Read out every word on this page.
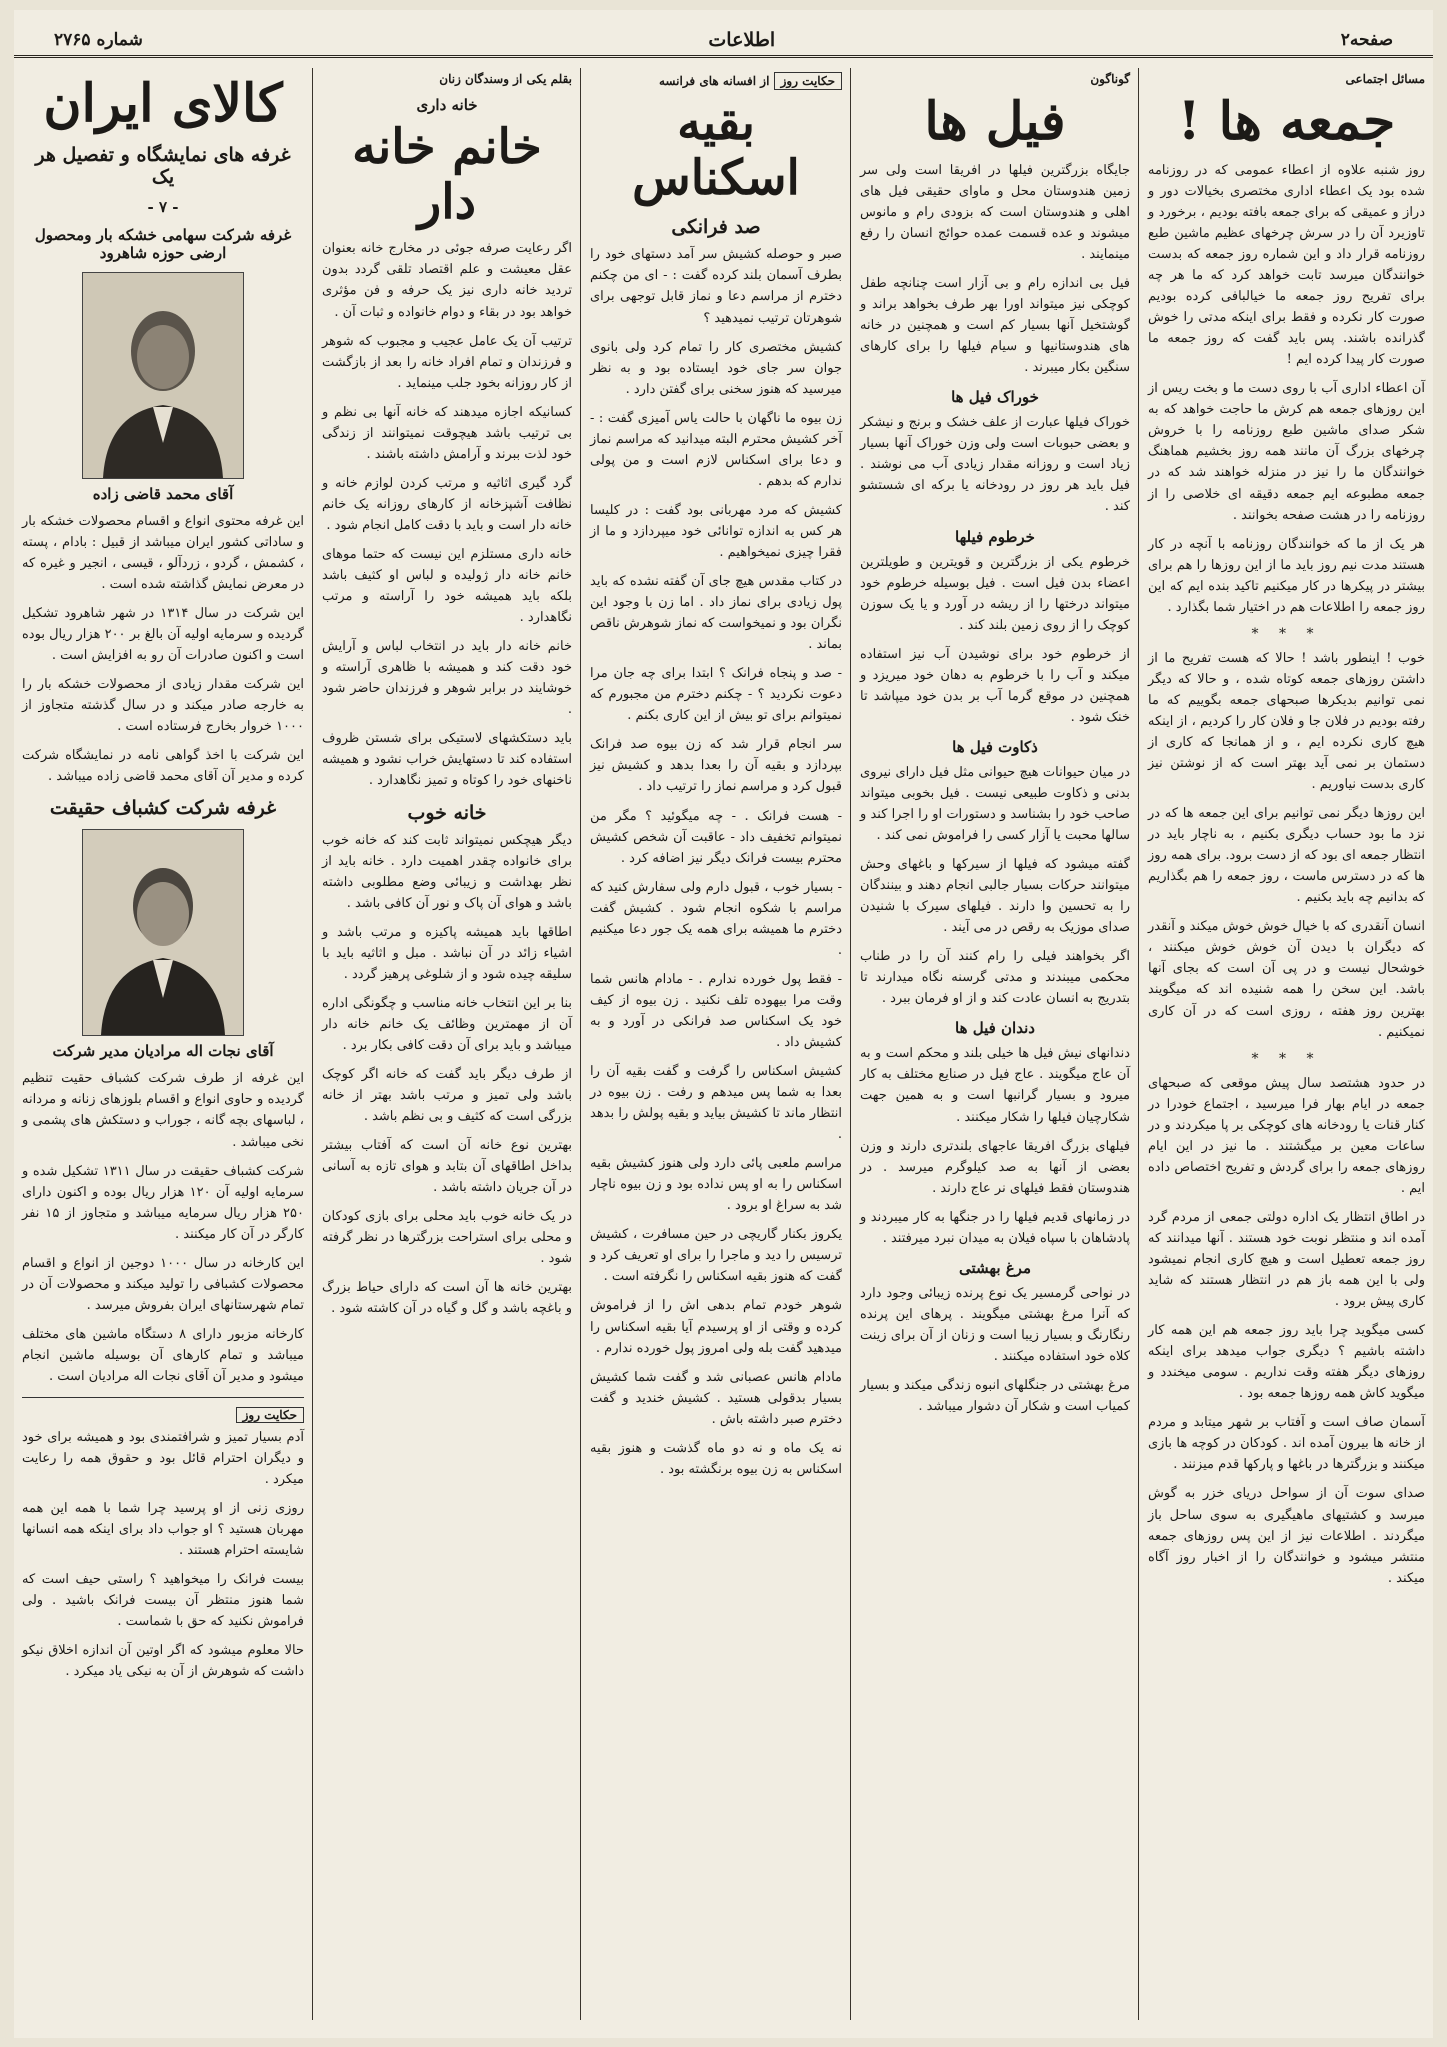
صفحه۲
اطلاعات
شماره ۲۷۶۵
مسائل اجتماعی
جمعه ها !

روز شنبه علاوه از اعطاء عمومی که در روزنامه شده بود یک اعطاء اداری مختصری بخیالات دور و دراز و عمیقی که برای جمعه بافته بودیم ، برخورد و تاوزیرد آن را در سرش چرخهای عظیم ماشین طبع روزنامه قرار داد و این شماره روز جمعه که بدست خوانندگان میرسد تابت خواهد کرد که ما هر چه برای تفریح روز جمعه ما خیالبافی کرده بودیم صورت کار نکرده و فقط برای اینکه مدتی را خوش گذرانده باشند. پس باید گفت که روز جمعه ما صورت کار پیدا کرده ایم !

آن اعطاء اداری آب با روی دست ما و بخت ریس از این روزهای جمعه هم کرش ما حاجت خواهد که به شکر صدای ماشین طبع روزنامه را با خروش چرخهای بزرگ آن مانند همه روز بخشیم هماهنگ خوانندگان ما را نیز در منزله خواهند شد که در جمعه مطبوعه ایم جمعه دقیقه ای خلاصی را از روزنامه را در هشت صفحه بخوانند .

هر یک از ما که خوانندگان روزنامه با آنچه در کار هستند مدت نیم روز باید ما از این روزها را هم برای بیشتر در پیکرها در کار میکنیم تاکید بنده ایم که این روز جمعه را اطلاعات هم در اختیار شما بگذارد .

* * *

خوب ! اینطور باشد ! حالا که هست تفریح ما از داشتن روزهای جمعه کوتاه شده ، و حالا که دیگر نمی توانیم بدیکرها صبحهای جمعه بگوییم که ما رفته بودیم در فلان جا و فلان کار را کردیم ، از اینکه هیچ کاری نکرده ایم ، و از همانجا که کاری از دستمان بر نمی آید بهتر است که از نوشتن نیز کاری بدست نیاوریم .

این روزها دیگر نمی توانیم برای این جمعه ها که در نزد ما بود حساب دیگری بکنیم ، به ناچار باید در انتظار جمعه ای بود که از دست برود. برای همه روز ها که در دسترس ماست ، روز جمعه را هم بگذاریم که بدانیم چه باید بکنیم .

انسان آنقدری که با خیال خوش خوش میکند و آنقدر که دیگران با دیدن آن خوش خوش میکنند ، خوشحال نیست و در پی آن است که بجای آنها باشد. این سخن را همه شنیده اند که میگویند بهترین روز هفته ، روزی است که در آن کاری نمیکنیم .

* * *

در حدود هشتصد سال پیش موقعی که صبحهای جمعه در ایام بهار فرا میرسید ، اجتماع خودرا در کنار قنات یا رودخانه های کوچکی بر پا میکردند و در ساعات معین بر میگشتند . ما نیز در این ایام روزهای جمعه را برای گردش و تفریح اختصاص داده ایم .

در اطاق انتظار یک اداره دولتی جمعی از مردم گرد آمده اند و منتظر نوبت خود هستند . آنها میدانند که روز جمعه تعطیل است و هیچ کاری انجام نمیشود ولی با این همه باز هم در انتظار هستند که شاید کاری پیش برود .

کسی میگوید چرا باید روز جمعه هم این همه کار داشته باشیم ؟ دیگری جواب میدهد برای اینکه روزهای دیگر هفته وقت نداریم . سومی میخندد و میگوید کاش همه روزها جمعه بود .

آسمان صاف است و آفتاب بر شهر میتابد و مردم از خانه ها بیرون آمده اند . کودکان در کوچه ها بازی میکنند و بزرگترها در باغها و پارکها قدم میزنند .

صدای سوت آن از سواحل دریای خزر به گوش میرسد و کشتیهای ماهیگیری به سوی ساحل باز میگردند . اطلاعات نیز از این پس روزهای جمعه منتشر میشود و خوانندگان را از اخبار روز آگاه میکند .

گوناگون
فیل ها

جایگاه بزرگترین فیلها در افریقا است ولی سر زمین هندوستان محل و ماوای حقیقی فیل های اهلی و هندوستان است که بزودی رام و مانوس میشوند و عده قسمت عمده حوائج انسان را رفع مینمایند .

فیل بی اندازه رام و بی آزار است چنانچه طفل کوچکی نیز میتواند اورا بهر طرف بخواهد براند و گوشتخیل آنها بسیار کم است و همچنین در خانه های هندوستانیها و سیام فیلها را برای کارهای سنگین بکار میبرند .

خوراک فیل ها

خوراک فیلها عبارت از علف خشک و برنج و نیشکر و بعضی حبوبات است ولی وزن خوراک آنها بسیار زیاد است و روزانه مقدار زیادی آب می نوشند . فیل باید هر روز در رودخانه یا برکه ای شستشو کند .

خرطوم فیلها

خرطوم یکی از بزرگترین و قویترین و طویلترین اعضاء بدن فیل است . فیل بوسیله خرطوم خود میتواند درختها را از ریشه در آورد و یا یک سوزن کوچک را از روی زمین بلند کند .

از خرطوم خود برای نوشیدن آب نیز استفاده میکند و آب را با خرطوم به دهان خود میریزد و همچنین در موقع گرما آب بر بدن خود میپاشد تا خنک شود .

ذکاوت فیل ها

در میان حیوانات هیچ حیوانی مثل فیل دارای نیروی بدنی و ذکاوت طبیعی نیست . فیل بخوبی میتواند صاحب خود را بشناسد و دستورات او را اجرا کند و سالها محبت یا آزار کسی را فراموش نمی کند .

گفته میشود که فیلها از سیرکها و باغهای وحش میتوانند حرکات بسیار جالبی انجام دهند و بینندگان را به تحسین وا دارند . فیلهای سیرک با شنیدن صدای موزیک به رقص در می آیند .

اگر بخواهند فیلی را رام کنند آن را در طناب محکمی میبندند و مدتی گرسنه نگاه میدارند تا بتدریج به انسان عادت کند و از او فرمان ببرد .

دندان فیل ها

دندانهای نیش فیل ها خیلی بلند و محکم است و به آن عاج میگویند . عاج فیل در صنایع مختلف به کار میرود و بسیار گرانبها است و به همین جهت شکارچیان فیلها را شکار میکنند .

فیلهای بزرگ افریقا عاجهای بلندتری دارند و وزن بعضی از آنها به صد کیلوگرم میرسد . در هندوستان فقط فیلهای نر عاج دارند .

در زمانهای قدیم فیلها را در جنگها به کار میبردند و پادشاهان با سپاه فیلان به میدان نبرد میرفتند .

مرغ بهشتی

در نواحی گرمسیر یک نوع پرنده زیبائی وجود دارد که آنرا مرغ بهشتی میگویند . پرهای این پرنده رنگارنگ و بسیار زیبا است و زنان از آن برای زینت کلاه خود استفاده میکنند .

مرغ بهشتی در جنگلهای انبوه زندگی میکند و بسیار کمیاب است و شکار آن دشوار میباشد .

حکایت روز از افسانه های فرانسه
بقیه اسکناس
صد فرانکی

صبر و حوصله کشیش سر آمد دستهای خود را بطرف آسمان بلند کرده گفت : - ای من چکنم دخترم از مراسم دعا و نماز قابل توجهی برای شوهرتان ترتیب نمیدهید ؟

کشیش مختصری کار را تمام کرد ولی بانوی جوان سر جای خود ایستاده بود و به نظر میرسید که هنوز سخنی برای گفتن دارد .

زن بیوه ما ناگهان با حالت یاس آمیزی گفت : - آخر کشیش محترم البته میدانید که مراسم نماز و دعا برای اسکناس لازم است و من پولی ندارم که بدهم .

کشیش که مرد مهربانی بود گفت : در کلیسا هر کس به اندازه توانائی خود میپردازد و ما از فقرا چیزی نمیخواهیم .

در کتاب مقدس هیچ جای آن گفته نشده که باید پول زیادی برای نماز داد . اما زن با وجود این نگران بود و نمیخواست که نماز شوهرش ناقص بماند .

- صد و پنجاه فرانک ؟ ابتدا برای چه جان مرا دعوت نکردید ؟ - چکنم دخترم من مجبورم که نمیتوانم برای تو بیش از این کاری بکنم .

سر انجام قرار شد که زن بیوه صد فرانک بپردازد و بقیه آن را بعدا بدهد و کشیش نیز قبول کرد و مراسم نماز را ترتیب داد .

- هست فرانک . - چه میگوئید ؟ مگر من نمیتوانم تخفیف داد - عاقبت آن شخص کشیش محترم بیست فرانک دیگر نیز اضافه کرد .

- بسیار خوب ، قبول دارم ولی سفارش کنید که مراسم با شکوه انجام شود . کشیش گفت دخترم ما همیشه برای همه یک جور دعا میکنیم .

- فقط پول خورده ندارم . - مادام هانس شما وقت مرا بیهوده تلف نکنید . زن بیوه از کیف خود یک اسکناس صد فرانکی در آورد و به کشیش داد .

کشیش اسکناس را گرفت و گفت بقیه آن را بعدا به شما پس میدهم و رفت . زن بیوه در انتظار ماند تا کشیش بیاید و بقیه پولش را بدهد .

مراسم ملعبی پائی دارد ولی هنوز کشیش بقیه اسکناس را به او پس نداده بود و زن بیوه ناچار شد به سراغ او برود .

یکروز بکنار گاریچی در حین مسافرت ، کشیش ترسیس را دید و ماجرا را برای او تعریف کرد و گفت که هنوز بقیه اسکناس را نگرفته است .

شوهر خودم تمام بدهی اش را از فراموش کرده و وقتی از او پرسیدم آیا بقیه اسکناس را میدهید گفت بله ولی امروز پول خورده ندارم .

مادام هانس عصبانی شد و گفت شما کشیش بسیار بدقولی هستید . کشیش خندید و گفت دخترم صبر داشته باش .

نه یک ماه و نه دو ماه گذشت و هنوز بقیه اسکناس به زن بیوه برنگشته بود .

بقلم یکی از وسندگان زنان
خانه داری
خانم خانه دار

اگر رعایت صرفه جوئی در مخارج خانه بعنوان عقل معیشت و علم اقتصاد تلقی گردد بدون تردید خانه داری نیز یک حرفه و فن مؤثری خواهد بود در بقاء و دوام خانواده و ثبات آن .

ترتیب آن یک عامل عجیب و مجبوب که شوهر و فرزندان و تمام افراد خانه را بعد از بازگشت از کار روزانه بخود جلب مینماید .

کسانیکه اجازه میدهند که خانه آنها بی نظم و بی ترتیب باشد هیچوقت نمیتوانند از زندگی خود لذت ببرند و آرامش داشته باشند .

گرد گیری اثاثیه و مرتب کردن لوازم خانه و نظافت آشپزخانه از کارهای روزانه یک خانم خانه دار است و باید با دقت کامل انجام شود .

خانه داری مستلزم این نیست که حتما موهای خانم خانه دار ژولیده و لباس او کثیف باشد بلکه باید همیشه خود را آراسته و مرتب نگاهدارد .

خانم خانه دار باید در انتخاب لباس و آرایش خود دقت کند و همیشه با ظاهری آراسته و خوشایند در برابر شوهر و فرزندان حاضر شود .

باید دستکشهای لاستیکی برای شستن ظروف استفاده کند تا دستهایش خراب نشود و همیشه ناخنهای خود را کوتاه و تمیز نگاهدارد .

خانه خوب

دیگر هیچکس نمیتواند ثابت کند که خانه خوب برای خانواده چقدر اهمیت دارد . خانه باید از نظر بهداشت و زیبائی وضع مطلوبی داشته باشد و هوای آن پاک و نور آن کافی باشد .

اطاقها باید همیشه پاکیزه و مرتب باشد و اشیاء زائد در آن نباشد . مبل و اثاثیه باید با سلیقه چیده شود و از شلوغی پرهیز گردد .

بنا بر این انتخاب خانه مناسب و چگونگی اداره آن از مهمترین وظائف یک خانم خانه دار میباشد و باید برای آن دقت کافی بکار برد .

از طرف دیگر باید گفت که خانه اگر کوچک باشد ولی تمیز و مرتب باشد بهتر از خانه بزرگی است که کثیف و بی نظم باشد .

بهترین نوع خانه آن است که آفتاب بیشتر بداخل اطاقهای آن بتابد و هوای تازه به آسانی در آن جریان داشته باشد .

در یک خانه خوب باید محلی برای بازی کودکان و محلی برای استراحت بزرگترها در نظر گرفته شود .

بهترین خانه ها آن است که دارای حیاط بزرگ و باغچه باشد و گل و گیاه در آن کاشته شود .

کالای ایران
غرفه های نمایشگاه و تفصیل هر یک
- ۷ -
غرفه شرکت سهامی خشکه بار ومحصول ارضی حوزه شاهرود
آقای محمد قاضی زاده

این غرفه محتوی انواع و اقسام محصولات خشکه بار و ساداتی کشور ایران میباشد از قبیل : بادام ، پسته ، کشمش ، گردو ، زردآلو ، قیسی ، انجیر و غیره که در معرض نمایش گذاشته شده است .

این شرکت در سال ۱۳۱۴ در شهر شاهرود تشکیل گردیده و سرمایه اولیه آن بالغ بر ۲۰۰ هزار ریال بوده است و اکنون صادرات آن رو به افزایش است .

این شرکت مقدار زیادی از محصولات خشکه بار را به خارجه صادر میکند و در سال گذشته متجاوز از ۱۰۰۰ خروار بخارج فرستاده است .

این شرکت با اخذ گواهی نامه در نمایشگاه شرکت کرده و مدیر آن آقای محمد قاضی زاده میباشد .

غرفه شرکت کشباف حقیقت
آقای نجات اله مرادیان مدیر شرکت

این غرفه از طرف شرکت کشباف حقیت تنظیم گردیده و حاوی انواع و اقسام بلوزهای زنانه و مردانه ، لباسهای بچه گانه ، جوراب و دستکش های پشمی و نخی میباشد .

شرکت کشباف حقیقت در سال ۱۳۱۱ تشکیل شده و سرمایه اولیه آن ۱۲۰ هزار ریال بوده و اکنون دارای ۲۵۰ هزار ریال سرمایه میباشد و متجاوز از ۱۵ نفر کارگر در آن کار میکنند .

این کارخانه در سال ۱۰۰۰ دوجین از انواع و اقسام محصولات کشبافی را تولید میکند و محصولات آن در تمام شهرستانهای ایران بفروش میرسد .

کارخانه مزبور دارای ۸ دستگاه ماشین های مختلف میباشد و تمام کارهای آن بوسیله ماشین انجام میشود و مدیر آن آقای نجات اله مرادیان است .

حکایت روز

آدم بسیار تمیز و شرافتمندی بود و همیشه برای خود و دیگران احترام قائل بود و حقوق همه را رعایت میکرد .

روزی زنی از او پرسید چرا شما با همه این همه مهربان هستید ؟ او جواب داد برای اینکه همه انسانها شایسته احترام هستند .

بیست فرانک را میخواهید ؟ راستی حیف است که شما هنوز منتظر آن بیست فرانک باشید . ولی فراموش نکنید که حق با شماست .

حالا معلوم میشود که اگر اوتین آن اندازه اخلاق نیکو داشت که شوهرش از آن به نیکی یاد میکرد .
